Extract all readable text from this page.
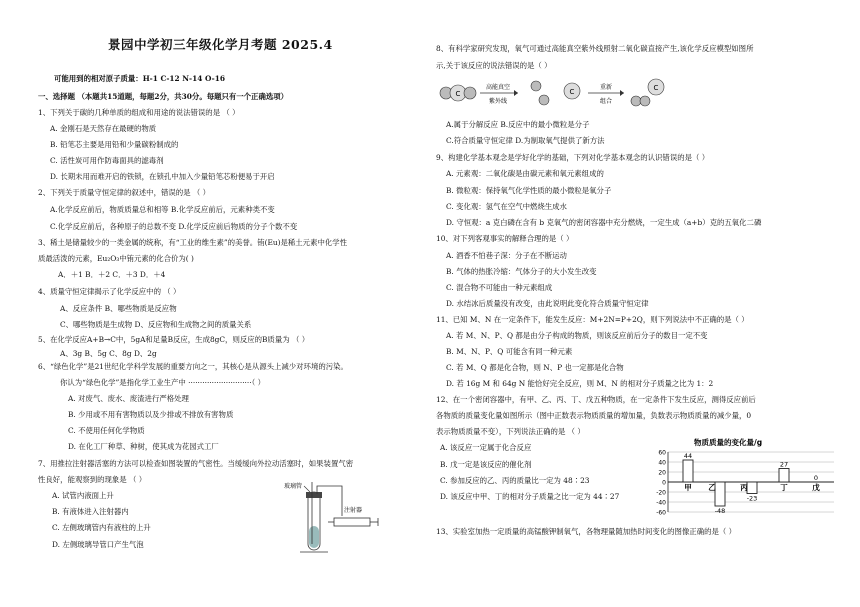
景园中学初三年级化学月考题 2025.4
可能用到的相对原子质量：H-1 C-12 N-14 O-16
一、选择题 （本题共15道题，每题2分，共30分。每题只有一个正确选项）
1、下列关于碳的几种单质的组成和用途的说法错误的是 （ ）
A. 金刚石是天然存在最硬的物质
B. 铅笔芯主要是用铅和少量碳粉制成的
C. 活性炭可用作防毒面具的滤毒剂
D. 长期未用而难开启的铁锁，在锁孔中加入少量铅笔芯粉便易于开启
2、下列关于质量守恒定律的叙述中，错误的是 （ ）
A.化学反应前后，物质质量总和相等 B.化学反应前后，元素种类不变
C.化学反应前后，各种原子的总数不变 D.化学反应前后物质的分子个数不变
3、稀土是储量较少的一类金属的统称，有“工业的维生素”的美誉。铕(Eu)是稀土元素中化学性
质最活泼的元素，Eu₂O₃中铕元素的化合价为( )
A．＋1 B．＋2 C．＋3 D．＋4
4、质量守恒定律揭示了化学反应中的 （ ）
A、反应条件 B、哪些物质是反应物
C、哪些物质是生成物 D、反应物和生成物之间的质量关系
5、在化学反应A+B→C中，5gA和足量B反应，生成8gC，则反应的B质量为 （ ）
A、3g B、5g C、8g D、2g
6、“绿色化学”是21世纪化学科学发展的重要方向之一，其核心是从源头上减少对环境的污染。
你认为“绿色化学”是指化学工业生产中 ···························（ ）
A. 对废气、废水、废渣进行严格处理
B. 少用或不用有害物质以及少排或不排放有害物质
C. 不使用任何化学物质
D. 在化工厂种草、种树，使其成为花园式工厂
7、用推拉注射器活塞的方法可以检查如图装置的气密性。当缓缓向外拉动活塞时，如果装置气密
性良好，能观察到的现象是 （ ）
A. 试管内液面上升
B. 有液体进入注射器内
C. 左侧玻璃管内有液柱的上升
D. 左侧玻璃导管口产生气泡
玻璃管
注射器
8、有科学家研究发现，氧气可通过高能真空紫外线照射二氧化碳直接产生,该化学反应模型如图所
示,关于该反应的说法错误的是（ ）
C
高能真空
紫外线
C
重新
组合
C
A.属于分解反应 B.反应中的最小微粒是分子
C.符合质量守恒定律 D.为制取氧气提供了新方法
9、构建化学基本观念是学好化学的基础，下列对化学基本观念的认识错误的是（ ）
A. 元素观：二氧化碳是由碳元素和氧元素组成的
B. 微粒观：保持氧气化学性质的最小微粒是氧分子
C. 变化观：氢气在空气中燃烧生成水
D. 守恒观：a 克白磷在含有 b 克氧气的密闭容器中充分燃烧，一定生成（a+b）克的五氧化二磷
10、对下列客观事实的解释合理的是（ ）
A. 酒香不怕巷子深：分子在不断运动
B. 气体的热胀冷缩：气体分子的大小发生改变
C. 混合物不可能由一种元素组成
D. 水结冰后质量没有改变，由此说明此变化符合质量守恒定律
11、已知 M、N 在一定条件下，能发生反应：M+2N=P+2Q，则下列说法中不正确的是（ ）
A. 若 M、N、P、Q 都是由分子构成的物质，则该反应前后分子的数目一定不变
B. M、N、P、Q 可能含有同一种元素
C. 若 M、Q 都是化合物，则 N、P 也一定都是化合物
D. 若 16g M 和 64g N 能恰好完全反应，则 M、N 的相对分子质量之比为 1：2
12、在一个密闭容器中，有甲、乙、丙、丁、戊五种物质，在一定条件下发生反应，测得反应前后
各物质的质量变化量如图所示（图中正数表示物质质量的增加量，负数表示物质质量的减少量，0
表示物质质量不变），下列说法正确的是 （ ）
A. 该反应一定属于化合反应
B. 戊一定是该反应的催化剂
C. 参加反应的乙、丙的质量比一定为 48∶23
D. 该反应中甲、丁的相对分子质量之比一定为 44∶27
物质质量的变化量/g
60
40
20
0
-20
-40
-60
44
-48
-23
27
0
甲 乙	丙	丁	戊
13、实验室加热一定质量的高锰酸钾制氧气，各物理量随加热时间变化的图像正确的是（ ）
